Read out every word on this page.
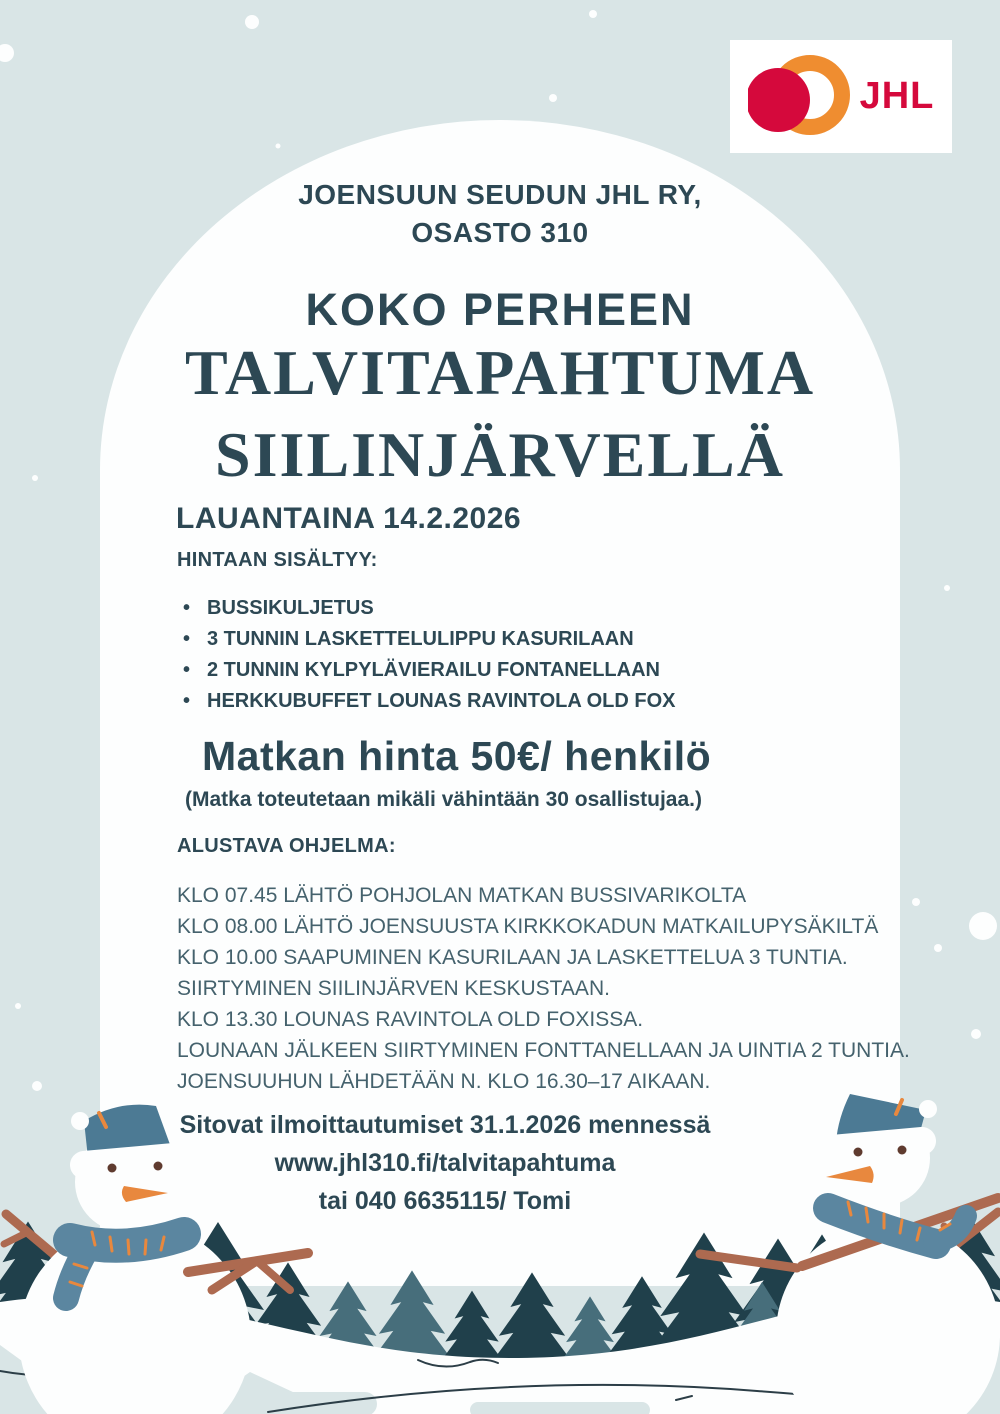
JHL
JOENSUUN SEUDUN JHL RY,
OSASTO 310
KOKO PERHEEN
TALVITAPAHTUMA
SIILINJÄRVELLÄ
LAUANTAINA 14.2.2026
HINTAAN SISÄLTYY:
• BUSSIKULJETUS
• 3 TUNNIN LASKETTELULIPPU KASURILAAN
• 2 TUNNIN KYLPYLÄVIERAILU FONTANELLAAN
• HERKKUBUFFET LOUNAS RAVINTOLA OLD FOX
Matkan hinta 50€/ henkilö
(Matka toteutetaan mikäli vähintään 30 osallistujaa.)
ALUSTAVA OHJELMA:
KLO 07.45 LÄHTÖ POHJOLAN MATKAN BUSSIVARIKOLTA
KLO 08.00 LÄHTÖ JOENSUUSTA KIRKKOKADUN MATKAILUPYSÄKILTÄ
KLO 10.00 SAAPUMINEN KASURILAAN JA LASKETTELUA 3 TUNTIA.
SIIRTYMINEN SIILINJÄRVEN KESKUSTAAN.
KLO 13.30 LOUNAS RAVINTOLA OLD FOXISSA.
LOUNAAN JÄLKEEN SIIRTYMINEN FONTTANELLAAN JA UINTIA 2 TUNTIA.
JOENSUUHUN LÄHDETÄÄN N. KLO 16.30–17 AIKAAN.
Sitovat ilmoittautumiset 31.1.2026 mennessä
www.jhl310.fi/talvitapahtuma
tai 040 6635115/ Tomi
